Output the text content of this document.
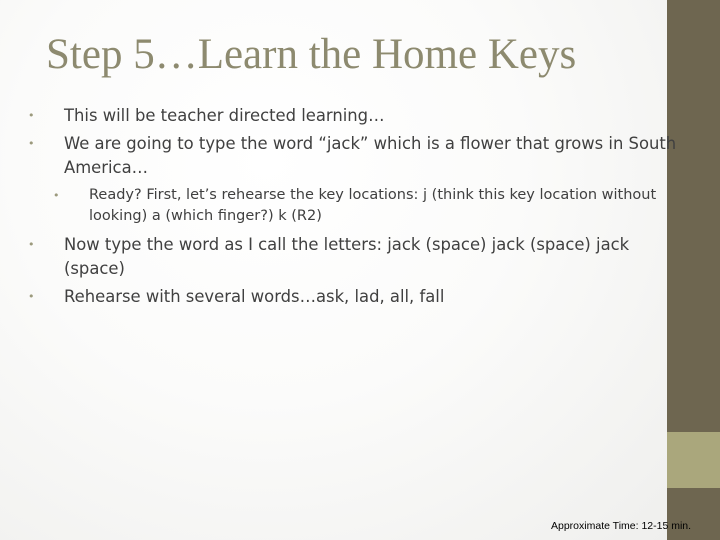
Step 5…Learn the Home Keys
•	This will be teacher directed learning…
•	We are going to type the word “jack” which is a flower that grows in South America…
•	Ready? First, let’s rehearse the key locations: j (think this key location without looking) a (which finger?) k (R2)
•	Now type the word as I call the letters: jack (space) jack (space) jack (space)
•	Rehearse with several words…ask, lad, all, fall
Approximate Time: 12-15 min.
